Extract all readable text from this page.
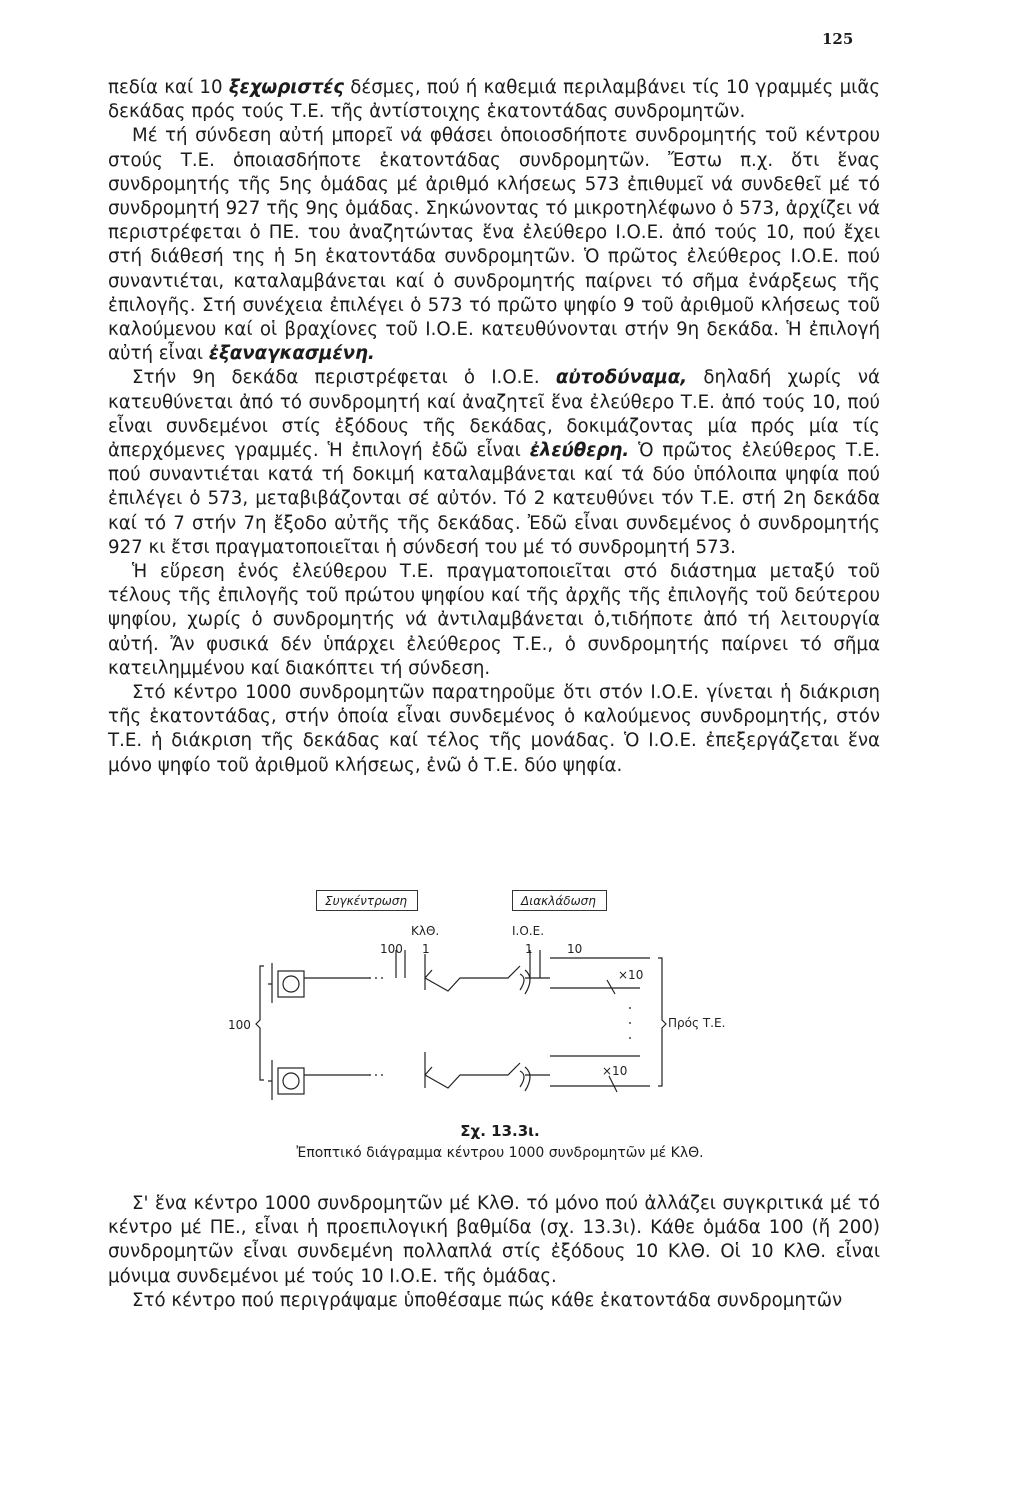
125

πεδία καί 10 ξεχωριστές δέσμες, πού ή καθεμιά περιλαμβάνει τίς 10 γραμμές μιᾶς δεκάδας πρός τούς Τ.Ε. τῆς ἀντίστοιχης ἑκατοντάδας συνδρομητῶν.

Μέ τή σύνδεση αὐτή μπορεῖ νά φθάσει ὁποιοσδήποτε συνδρομητής τοῦ κέντρου στούς Τ.Ε. ὁποιασδήποτε ἑκατοντάδας συνδρομητῶν. Ἔστω π.χ. ὅτι ἕνας συνδρομητής τῆς 5ης ὁμάδας μέ ἀριθμό κλήσεως 573 ἐπιθυμεῖ νά συνδεθεῖ μέ τό συνδρομητή 927 τῆς 9ης ὁμάδας. Σηκώνοντας τό μικροτηλέφωνο ὁ 573, ἀρχίζει νά περιστρέφεται ὁ ΠΕ. του ἀναζητώντας ἕνα ἐλεύθερο Ι.Ο.Ε. ἀπό τούς 10, πού ἔχει στή διάθεσή της ἡ 5η ἑκατοντάδα συνδρομητῶν. Ὁ πρῶτος ἐλεύθερος Ι.Ο.Ε. πού συναντιέται, καταλαμβάνεται καί ὁ συνδρομητής παίρνει τό σῆμα ἐνάρξεως τῆς ἐπιλογῆς. Στή συνέχεια ἐπιλέγει ὁ 573 τό πρῶτο ψηφίο 9 τοῦ ἀριθμοῦ κλήσεως τοῦ καλούμενου καί οἱ βραχίονες τοῦ Ι.Ο.Ε. κατευθύνονται στήν 9η δεκάδα. Ἡ ἐπιλογή αὐτή εἶναι ἐξαναγκασμένη.

Στήν 9η δεκάδα περιστρέφεται ὁ Ι.Ο.Ε. αὐτοδύναμα, δηλαδή χωρίς νά κατευθύνεται ἀπό τό συνδρομητή καί ἀναζητεῖ ἕνα ἐλεύθερο Τ.Ε. ἀπό τούς 10, πού εἶναι συνδεμένοι στίς ἐξόδους τῆς δεκάδας, δοκιμάζοντας μία πρός μία τίς ἀπερχόμενες γραμμές. Ἡ ἐπιλογή ἐδῶ εἶναι ἐλεύθερη. Ὁ πρῶτος ἐλεύθερος Τ.Ε. πού συναντιέται κατά τή δοκιμή καταλαμβάνεται καί τά δύο ὑπόλοιπα ψηφία πού ἐπιλέγει ὁ 573, μεταβιβάζονται σέ αὐτόν. Τό 2 κατευθύνει τόν Τ.Ε. στή 2η δεκάδα καί τό 7 στήν 7η ἔξοδο αὐτῆς τῆς δεκάδας. Ἐδῶ εἶναι συνδεμένος ὁ συνδρομητής 927 κι ἔτσι πραγματοποιεῖται ἡ σύνδεσή του μέ τό συνδρομητή 573.

Ἡ εὕρεση ἑνός ἐλεύθερου Τ.Ε. πραγματοποιεῖται στό διάστημα μεταξύ τοῦ τέλους τῆς ἐπιλογῆς τοῦ πρώτου ψηφίου καί τῆς ἀρχῆς τῆς ἐπιλογῆς τοῦ δεύτερου ψηφίου, χωρίς ὁ συνδρομητής νά ἀντιλαμβάνεται ὁ,τιδήποτε ἀπό τή λειτουργία αὐτή. Ἄν φυσικά δέν ὑπάρχει ἐλεύθερος Τ.Ε., ὁ συνδρομητής παίρνει τό σῆμα κατειλημμένου καί διακόπτει τή σύνδεση.

Στό κέντρο 1000 συνδρομητῶν παρατηροῦμε ὅτι στόν Ι.Ο.Ε. γίνεται ἡ διάκριση τῆς ἑκατοντάδας, στήν ὁποία εἶναι συνδεμένος ὁ καλούμενος συνδρομητής, στόν Τ.Ε. ἡ διάκριση τῆς δεκάδας καί τέλος τῆς μονάδας. Ὁ Ι.Ο.Ε. ἐπεξεργάζεται ἕνα μόνο ψηφίο τοῦ ἀριθμοῦ κλήσεως, ἐνῶ ὁ Τ.Ε. δύο ψηφία.

Συγκέντρωση	Διακλάδωση
ΚλΘ.	Ι.Ο.Ε.
100 1	1	10
×10
×10
Πρός Τ.Ε.
100
Σχ. 13.3ι.
Ἐποπτικό διάγραμμα κέντρου 1000 συνδρομητῶν μέ ΚλΘ.

Σ' ἕνα κέντρο 1000 συνδρομητῶν μέ ΚλΘ. τό μόνο πού ἀλλάζει συγκριτικά μέ τό κέντρο μέ ΠΕ., εἶναι ἡ προεπιλογική βαθμίδα (σχ. 13.3ι). Κάθε ὁμάδα 100 (ἤ 200) συνδρομητῶν εἶναι συνδεμένη πολλαπλά στίς ἐξόδους 10 ΚλΘ. Οἱ 10 ΚλΘ. εἶναι μόνιμα συνδεμένοι μέ τούς 10 Ι.Ο.Ε. τῆς ὁμάδας.

Στό κέντρο πού περιγράψαμε ὑποθέσαμε πώς κάθε ἑκατοντάδα συνδρομητῶν
